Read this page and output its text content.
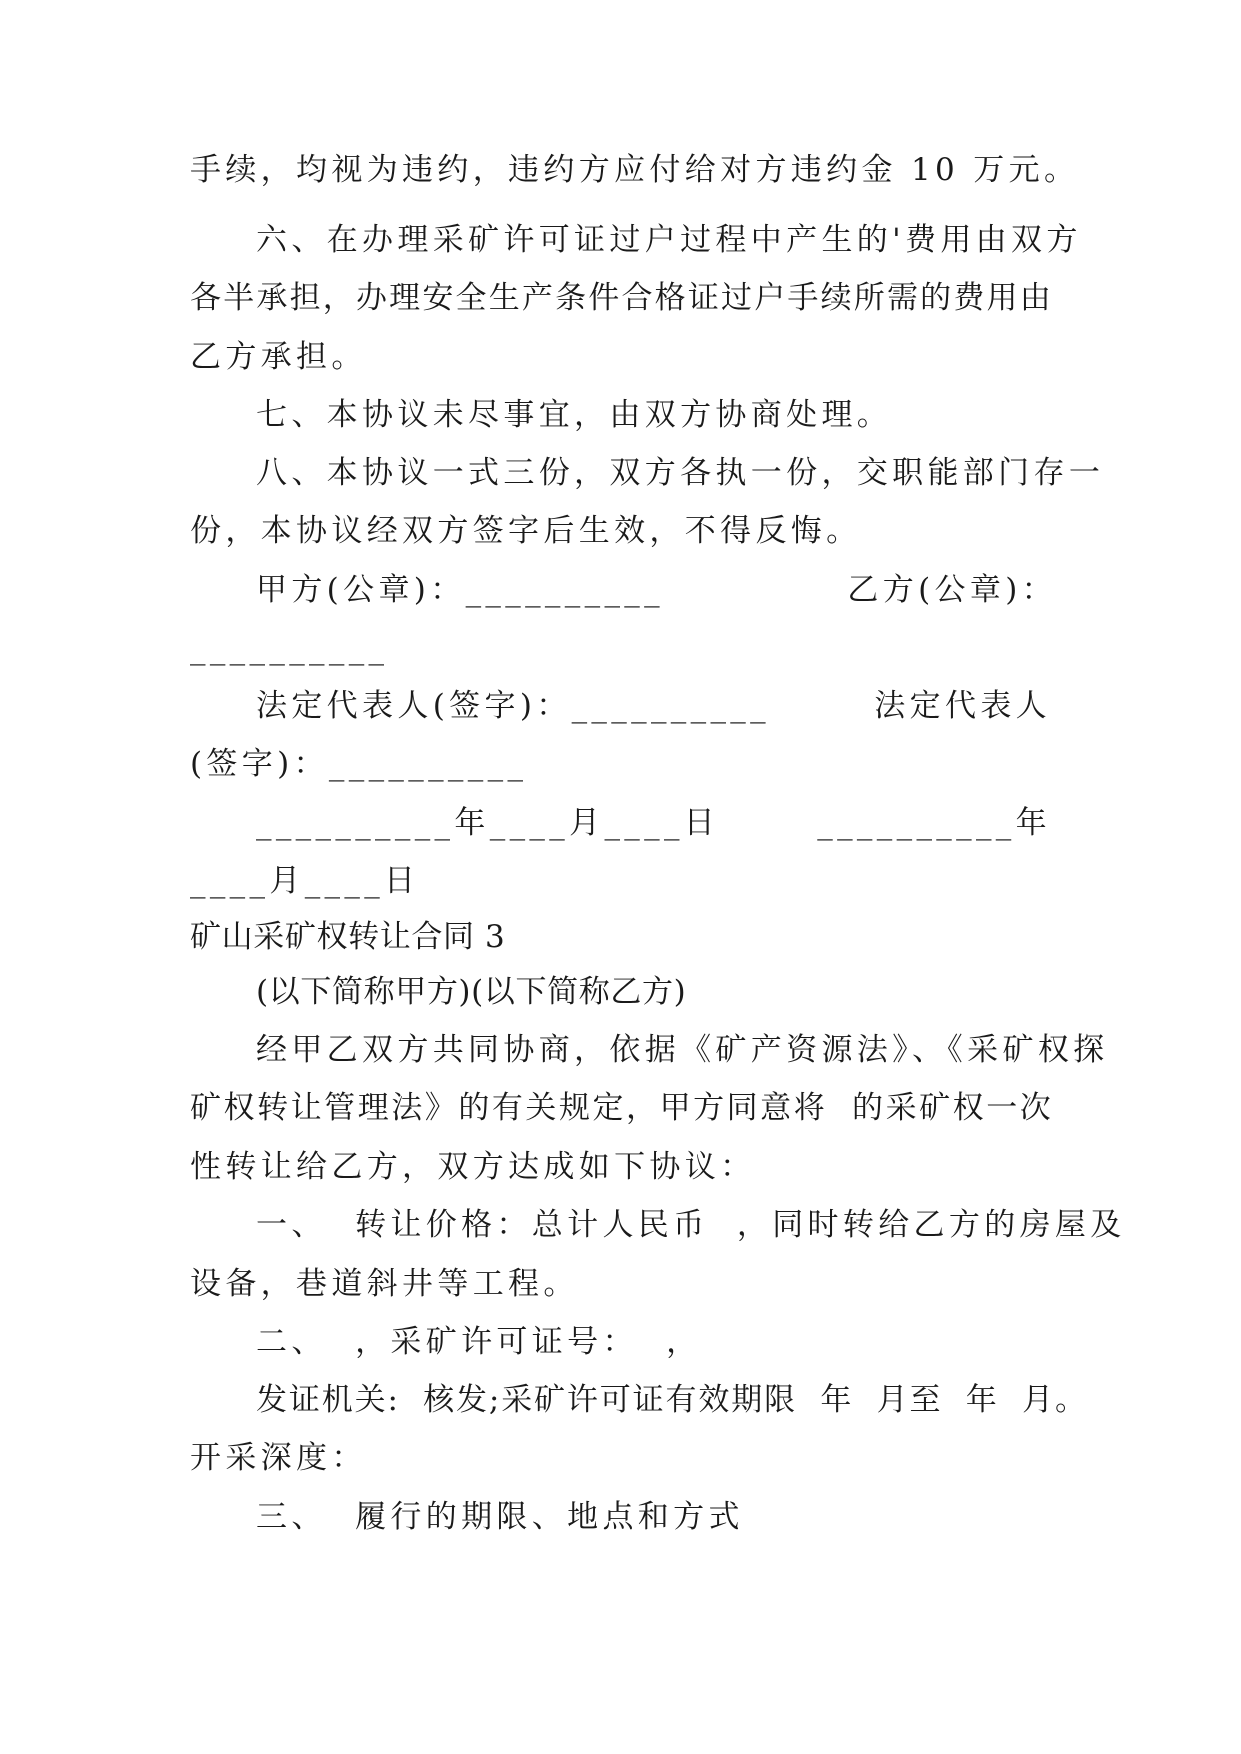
手续，均视为违约，违约方应付给对方违约金 10 万元。
六、在办理采矿许可证过户过程中产生的'费用由双方
各半承担，办理安全生产条件合格证过户手续所需的费用由
乙方承担。
七、本协议未尽事宜，由双方协商处理。
八、本协议一式三份，双方各执一份，交职能部门存一
份，本协议经双方签字后生效，不得反悔。
甲方(公章)：__________	乙方(公章)：
__________
法定代表人(签字)：__________	法定代表人
(签字)：__________
__________年____月____日	__________年
____月____日
矿山采矿权转让合同 3
(以下简称甲方)(以下简称乙方)
经甲乙双方共同协商，依据《矿产资源法》、《采矿权探
矿权转让管理法》的有关规定，甲方同意将  的采矿权一次
性转让给乙方，双方达成如下协议：
一、  转让价格：总计人民币  ，同时转给乙方的房屋及
设备，巷道斜井等工程。
二、  ，采矿许可证号：  ，
发证机关:  核发;采矿许可证有效期限  年  月至  年  月。
开采深度：
三、  履行的期限、地点和方式
